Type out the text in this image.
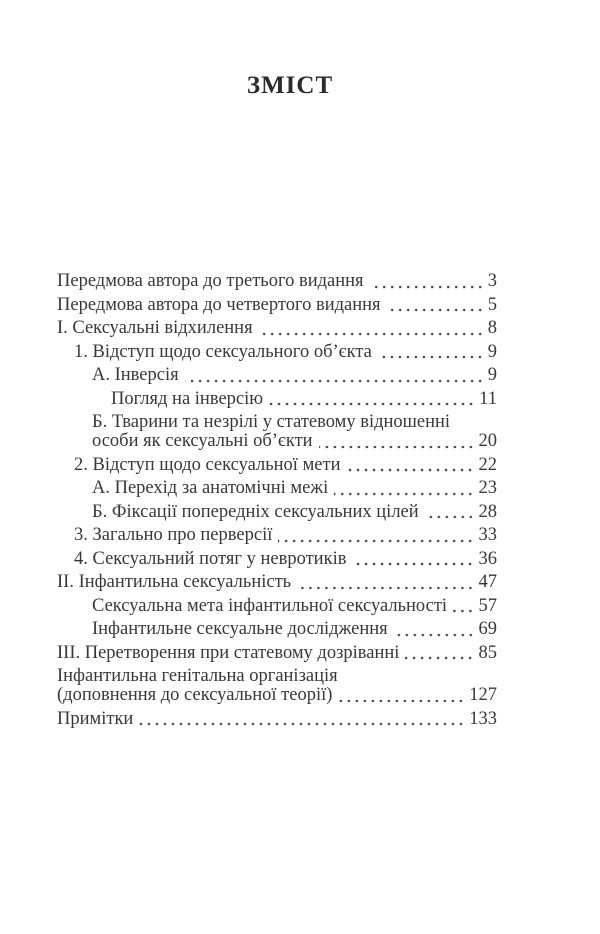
ЗМІСТ
Передмова автора до третього видання	3
Передмова автора до четвертого видання	5
I. Сексуальні відхилення	8
1. Відступ щодо сексуального об’єкта	9
А. Інверсія	9
Погляд на інверсію	11
Б. Тварини та незрілі у статевому відношенні
особи як сексуальні об’єкти	20
2. Відступ щодо сексуальної мети	22
А. Перехід за анатомічні межі	23
Б. Фіксації попередніх сексуальних цілей	28
3. Загально про перверсії	33
4. Сексуальний потяг у невротиків	36
II. Інфантильна сексуальність	47
Сексуальна мета інфантильної сексуальності 57
Інфантильне сексуальне дослідження	69
III. Перетворення при статевому дозріванні	85
Інфантильна генітальна організація
(доповнення до сексуальної теорії)	127
Примітки	133
